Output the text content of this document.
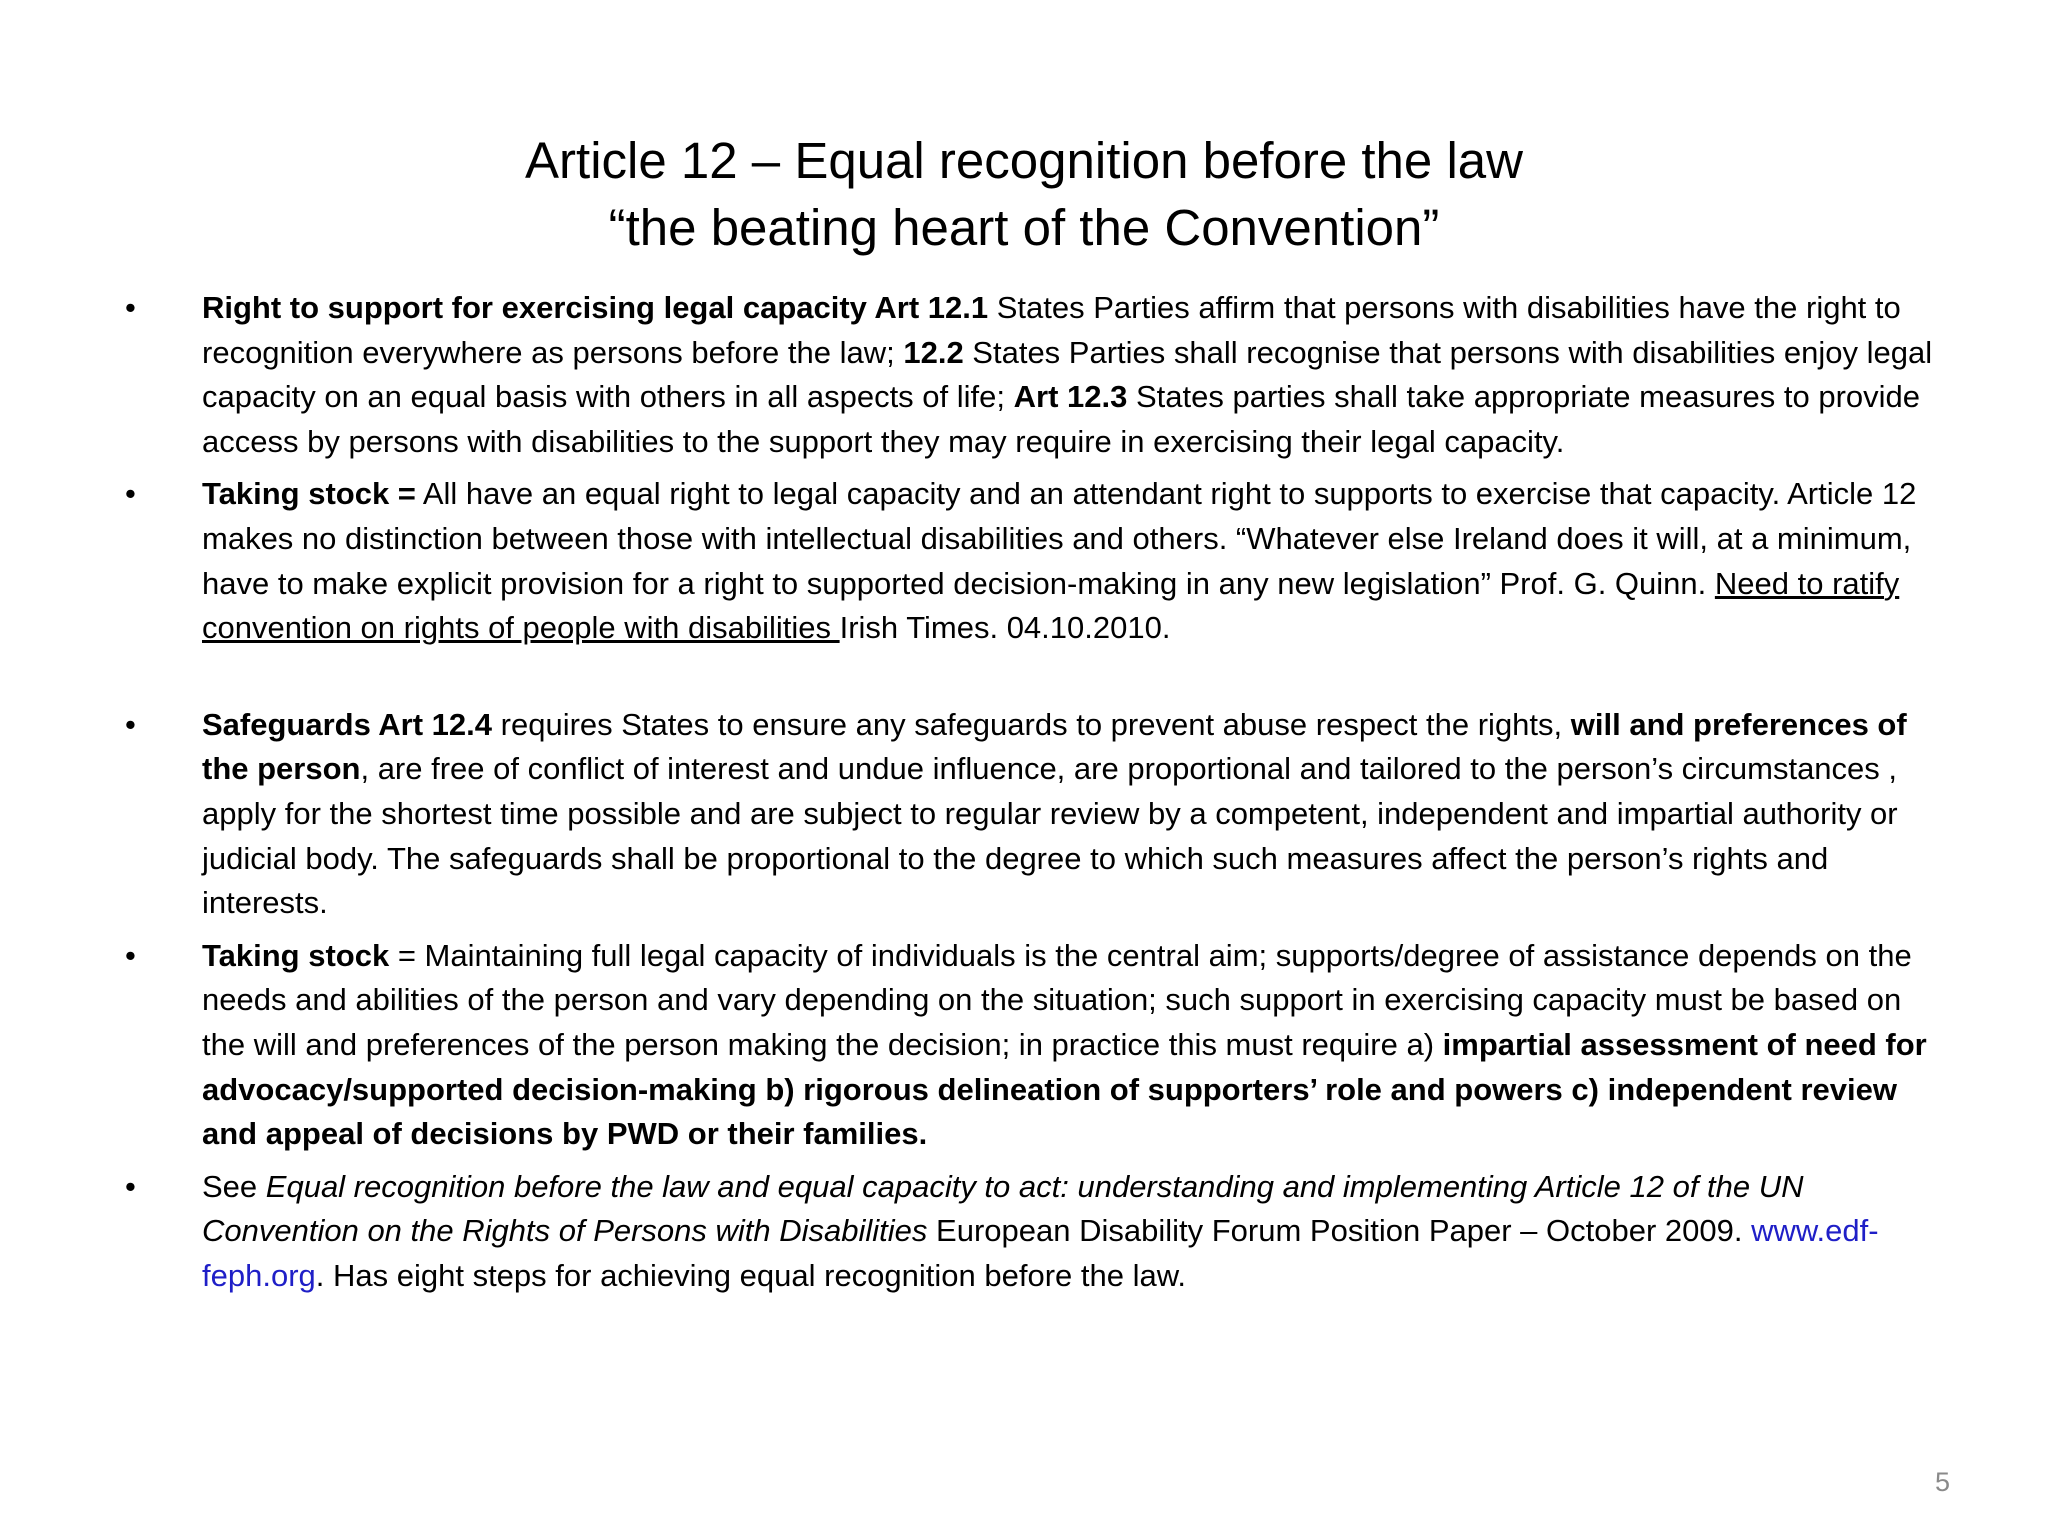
Article 12 – Equal recognition before the law
“the beating heart of the Convention”
• Right to support for exercising legal capacity Art 12.1 States Parties affirm that persons with disabilities have the right to recognition everywhere as persons before the law; 12.2 States Parties shall recognise that persons with disabilities enjoy legal capacity on an equal basis with others in all aspects of life; Art 12.3 States parties shall take appropriate measures to provide access by persons with disabilities to the support they may require in exercising their legal capacity.
• Taking stock = All have an equal right to legal capacity and an attendant right to supports to exercise that capacity. Article 12 makes no distinction between those with intellectual disabilities and others. “Whatever else Ireland does it will, at a minimum, have to make explicit provision for a right to supported decision-making in any new legislation” Prof. G. Quinn. Need to ratify convention on rights of people with disabilities Irish Times. 04.10.2010.
• Safeguards Art 12.4 requires States to ensure any safeguards to prevent abuse respect the rights, will and preferences of the person, are free of conflict of interest and undue influence, are proportional and tailored to the person’s circumstances , apply for the shortest time possible and are subject to regular review by a competent, independent and impartial authority or judicial body. The safeguards shall be proportional to the degree to which such measures affect the person’s rights and interests.
• Taking stock = Maintaining full legal capacity of individuals is the central aim; supports/degree of assistance depends on the needs and abilities of the person and vary depending on the situation; such support in exercising capacity must be based on the will and preferences of the person making the decision; in practice this must require a) impartial assessment of need for advocacy/supported decision-making b) rigorous delineation of supporters’ role and powers c) independent review and appeal of decisions by PWD or their families.
• See Equal recognition before the law and equal capacity to act: understanding and implementing Article 12 of the UN Convention on the Rights of Persons with Disabilities European Disability Forum Position Paper – October 2009. www.edf-feph.org. Has eight steps for achieving equal recognition before the law.
5
